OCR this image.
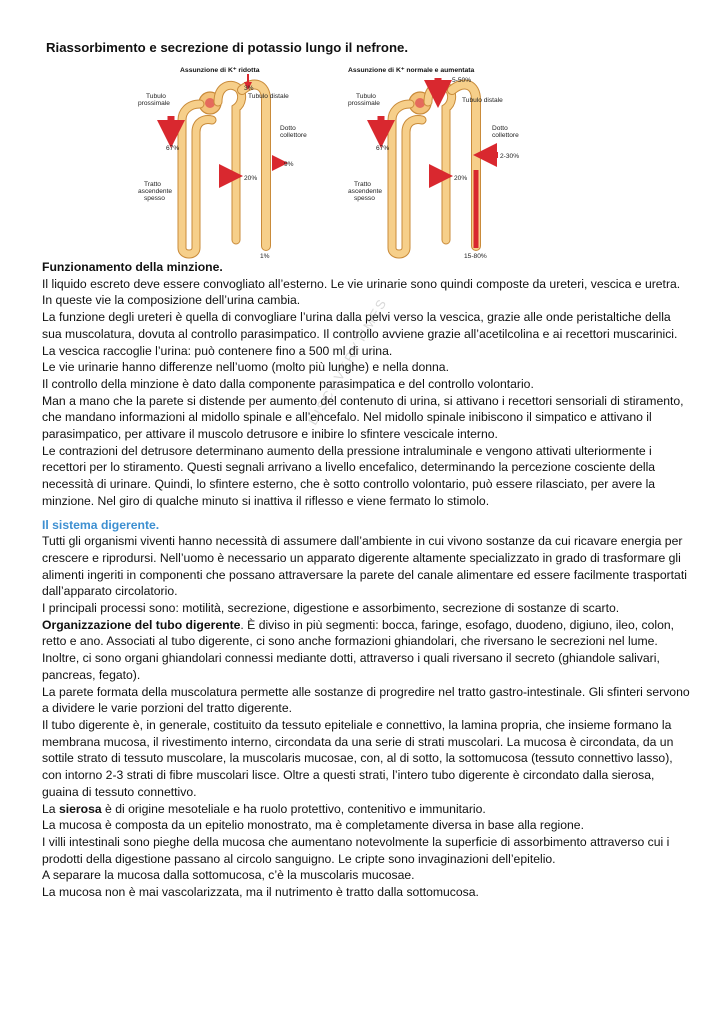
Riassorbimento e secrezione di potassio lungo il nefrone.
Assunzione di K⁺ ridotta
Tubulo
prossimale
Tubulo distale
Dotto
collettore
Tratto
ascendente
spesso
3%
67%
20%
9%
1%
Assunzione di K⁺ normale e aumentata
Tubulo
prossimale	Tubulo distale
Dotto
collettore
Tratto
ascendente
spesso
5-50%
67%
20%
2-30%
15-80%
DISCOVERYTIMES

Funzionamento della minzione.

Il liquido escreto deve essere convogliato all’esterno. Le vie urinarie sono quindi composte da ureteri, vescica e uretra. In queste vie la composizione dell’urina cambia.

La funzione degli ureteri è quella di convogliare l’urina dalla pelvi verso la vescica, grazie alle onde peristaltiche della sua muscolatura, dovuta al controllo parasimpatico. Il controllo avviene grazie all’acetilcolina e ai recettori muscarinici. La vescica raccoglie l’urina: può contenere fino a 500 ml di urina.

Le vie urinarie hanno differenze nell’uomo (molto più lunghe) e nella donna.

Il controllo della minzione è dato dalla componente parasimpatica e del controllo volontario.

Man a mano che la parete si distende per aumento del contenuto di urina, si attivano i recettori sensoriali di stiramento, che mandano informazioni al midollo spinale e all’encefalo. Nel midollo spinale inibiscono il simpatico e attivano il parasimpatico, per attivare il muscolo detrusore e inibire lo sfintere vescicale interno.

Le contrazioni del detrusore determinano aumento della pressione intraluminale e vengono attivati ulteriormente i recettori per lo stiramento. Questi segnali arrivano a livello encefalico, determinando la percezione cosciente della necessità di urinare. Quindi, lo sfintere esterno, che è sotto controllo volontario, può essere rilasciato, per avere la minzione. Nel giro di qualche minuto si inattiva il riflesso e viene fermato lo stimolo.

Il sistema digerente.

Tutti gli organismi viventi hanno necessità di assumere dall’ambiente in cui vivono sostanze da cui ricavare energia per crescere e riprodursi. Nell’uomo è necessario un apparato digerente altamente specializzato in grado di trasformare gli alimenti ingeriti in componenti che possano attraversare la parete del canale alimentare ed essere facilmente trasportati dall’apparato circolatorio.

I principali processi sono: motilità, secrezione, digestione e assorbimento, secrezione di sostanze di scarto.

Organizzazione del tubo digerente. È diviso in più segmenti: bocca, faringe, esofago, duodeno, digiuno, ileo, colon, retto e ano. Associati al tubo digerente, ci sono anche formazioni ghiandolari, che riversano le secrezioni nel lume. Inoltre, ci sono organi ghiandolari connessi mediante dotti, attraverso i quali riversano il secreto (ghiandole salivari, pancreas, fegato).

La parete formata della muscolatura permette alle sostanze di progredire nel tratto gastro-intestinale. Gli sfinteri servono a dividere le varie porzioni del tratto digerente.

Il tubo digerente è, in generale, costituito da tessuto epiteliale e connettivo, la lamina propria, che insieme formano la membrana mucosa, il rivestimento interno, circondata da una serie di strati muscolari. La mucosa è circondata, da un sottile strato di tessuto muscolare, la muscolaris mucosae, con, al di sotto, la sottomucosa (tessuto connettivo lasso), con intorno 2-3 strati di fibre muscolari lisce. Oltre a questi strati, l’intero tubo digerente è circondato dalla sierosa, guaina di tessuto connettivo.

La sierosa è di origine mesoteliale e ha ruolo protettivo, contenitivo e immunitario.

La mucosa è composta da un epitelio monostrato, ma è completamente diversa in base alla regione.

I villi intestinali sono pieghe della mucosa che aumentano notevolmente la superficie di assorbimento attraverso cui i prodotti della digestione passano al circolo sanguigno. Le cripte sono invaginazioni dell’epitelio.

A separare la mucosa dalla sottomucosa, c’è la muscolaris mucosae.

La mucosa non è mai vascolarizzata, ma il nutrimento è tratto dalla sottomucosa.
